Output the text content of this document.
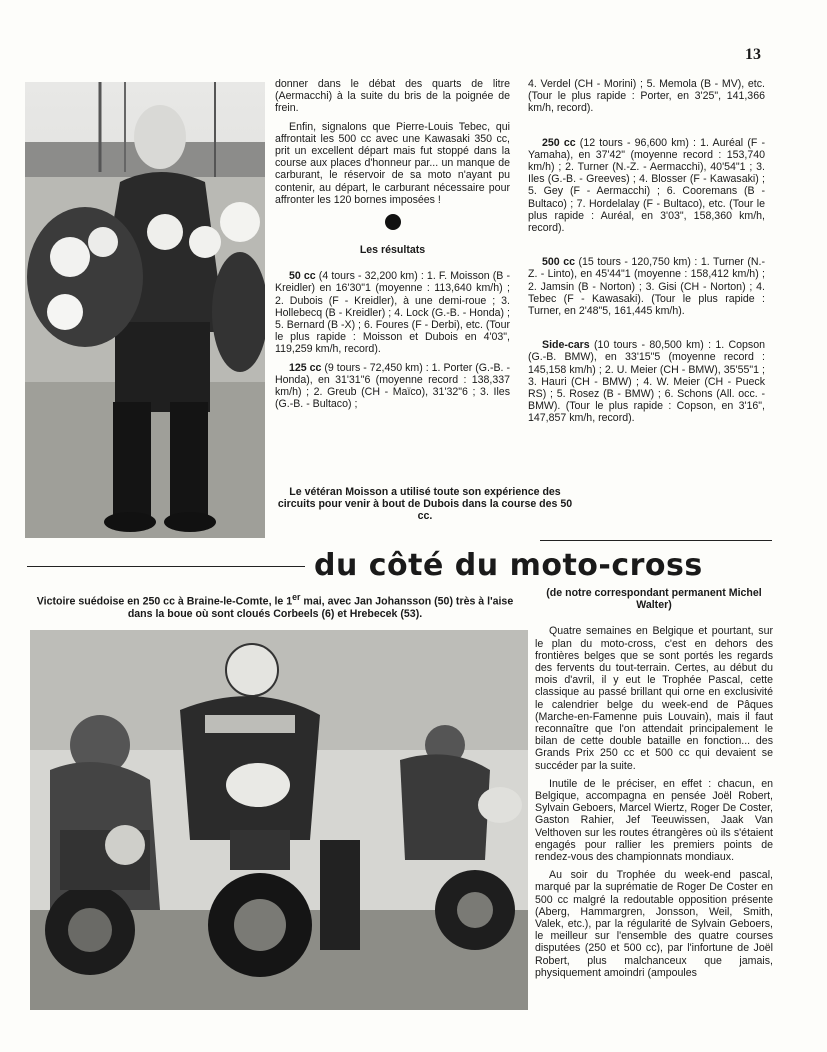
13

donner dans le débat des quarts de litre (Aermacchi) à la suite du bris de la poignée de frein.

Enfin, signalons que Pierre-Louis Tebec, qui affrontait les 500 cc avec une Kawasaki 350 cc, prit un excellent départ mais fut stoppé dans la course aux places d'honneur par... un manque de carburant, le réservoir de sa moto n'ayant pu contenir, au départ, le carburant nécessaire pour affronter les 120 bornes imposées !

Les résultats

50 cc (4 tours - 32,200 km) : 1. F. Moisson (B - Kreidler) en 16'30"1 (moyenne : 113,640 km/h) ; 2. Dubois (F - Kreidler), à une demi-roue ; 3. Hollebecq (B - Kreidler) ; 4. Lock (G.-B. - Honda) ; 5. Bernard (B -X) ; 6. Foures (F - Derbi), etc. (Tour le plus rapide : Moisson et Dubois en 4'03", 119,259 km/h, record).

125 cc (9 tours - 72,450 km) : 1. Porter (G.-B. - Honda), en 31'31"6 (moyenne record : 138,337 km/h) ; 2. Greub (CH - Maïco), 31'32"6 ; 3. Iles (G.-B. - Bultaco) ;

4. Verdel (CH - Morini) ; 5. Memola (B - MV), etc. (Tour le plus rapide : Porter, en 3'25", 141,366 km/h, record).

250 cc (12 tours - 96,600 km) : 1. Auréal (F - Yamaha), en 37'42" (moyenne record : 153,740 km/h) ; 2. Turner (N.-Z. - Aermacchi), 40'54"1 ; 3. Iles (G.-B. - Greeves) ; 4. Blosser (F - Kawasaki) ; 5. Gey (F - Aermacchi) ; 6. Cooremans (B - Bultaco) ; 7. Hordelalay (F - Bultaco), etc. (Tour le plus rapide : Auréal, en 3'03", 158,360 km/h, record).

500 cc (15 tours - 120,750 km) : 1. Turner (N.-Z. - Linto), en 45'44"1 (moyenne : 158,412 km/h) ; 2. Jamsin (B - Norton) ; 3. Gisi (CH - Norton) ; 4. Tebec (F - Kawasaki). (Tour le plus rapide : Turner, en 2'48"5, 161,445 km/h).

Side-cars (10 tours - 80,500 km) : 1. Copson (G.-B. BMW), en 33'15"5 (moyenne record : 145,158 km/h) ; 2. U. Meier (CH - BMW), 35'55"1 ; 3. Hauri (CH - BMW) ; 4. W. Meier (CH - Pueck RS) ; 5. Rosez (B - BMW) ; 6. Schons (All. occ. - BMW). (Tour le plus rapide : Copson, en 3'16", 147,857 km/h, record).

Le vétéran Moisson a utilisé toute son expérience des circuits pour venir à bout de Dubois dans la course des 50 cc.
du côté du moto-cross
Victoire suédoise en 250 cc à Braine-le-Comte, le 1er mai, avec Jan Johansson (50) très à l'aise dans la boue où sont cloués Corbeels (6) et Hrebecek (53).

(de notre correspondant permanent Michel Walter)

Quatre semaines en Belgique et pourtant, sur le plan du moto-cross, c'est en dehors des frontières belges que se sont portés les regards des fervents du tout-terrain. Certes, au début du mois d'avril, il y eut le Trophée Pascal, cette classique au passé brillant qui orne en exclusivité le calendrier belge du week-end de Pâques (Marche-en-Famenne puis Louvain), mais il faut reconnaître que l'on attendait principalement le bilan de cette double bataille en fonction... des Grands Prix 250 cc et 500 cc qui devaient se succéder par la suite.

Inutile de le préciser, en effet : chacun, en Belgique, accompagna en pensée Joël Robert, Sylvain Geboers, Marcel Wiertz, Roger De Coster, Gaston Rahier, Jef Teeuwissen, Jaak Van Velthoven sur les routes étrangères où ils s'étaient engagés pour rallier les premiers points de rendez-vous des championnats mondiaux.

Au soir du Trophée du week-end pascal, marqué par la suprématie de Roger De Coster en 500 cc malgré la redoutable opposition présente (Aberg, Hammargren, Jonsson, Weil, Smith, Valek, etc.), par la régularité de Sylvain Geboers, le meilleur sur l'ensemble des quatre courses disputées (250 et 500 cc), par l'infortune de Joël Robert, plus malchanceux que jamais, physiquement amoindri (ampoules
